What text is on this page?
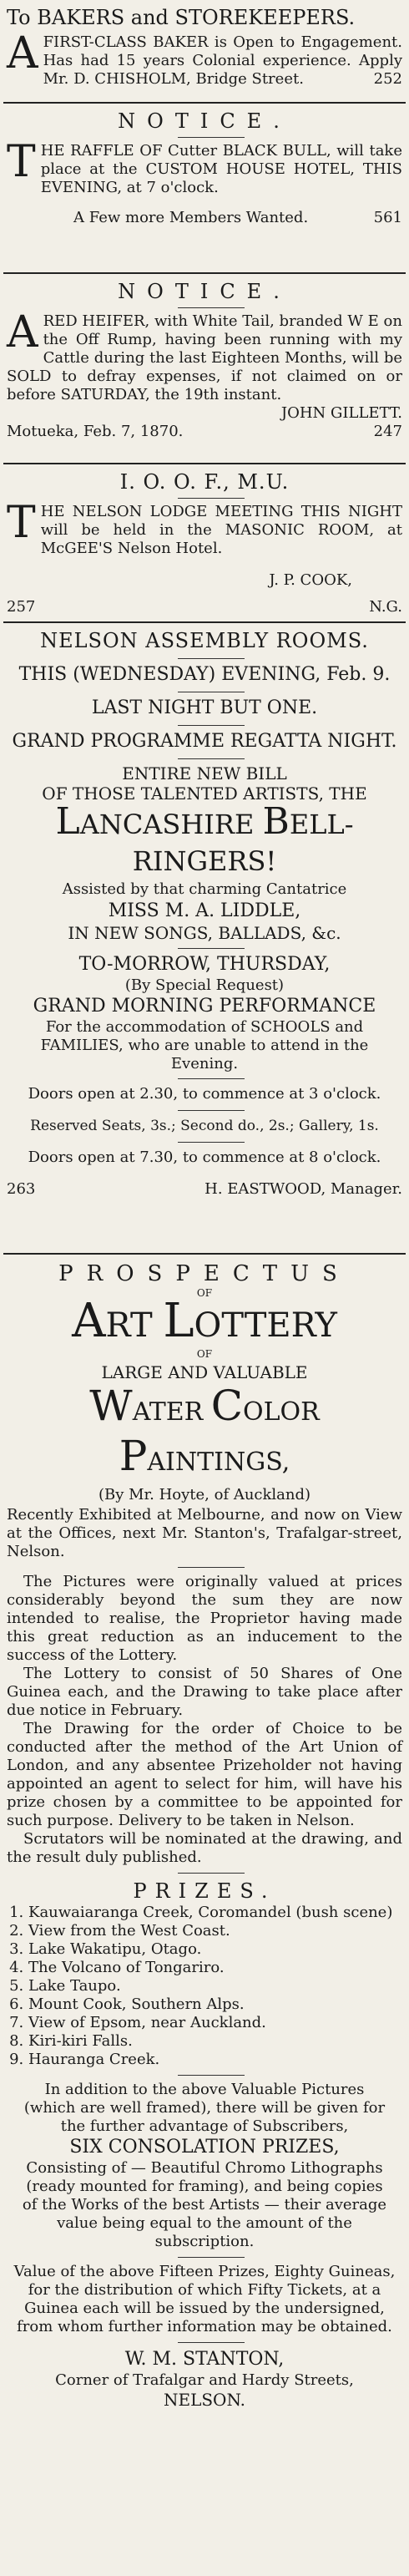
To BAKERS and STOREKEEPERS.
A FIRST-CLASS BAKER is Open to Engagement. Has had 15 years Colonial experience. Apply Mr. D. CHISHOLM, Bridge Street.	252
NOTICE.
T HE RAFFLE OF Cutter BLACK BULL, will take place at the CUSTOM HOUSE HOTEL, THIS EVENING, at 7 o'clock.
A Few more Members Wanted.	561
NOTICE.
A RED HEIFER, with White Tail, branded W E on the Off Rump, having been running with my Cattle during the last Eighteen Months, will be SOLD to defray expenses, if not claimed on or before SATURDAY, the 19th instant.
JOHN GILLETT.
Motueka, Feb. 7, 1870.	247
I. O. O. F., M.U.
T HE NELSON LODGE MEETING THIS NIGHT will be held in the MASONIC ROOM, at McGEE'S Nelson Hotel.
J. P. COOK,
257	N.G.
NELSON ASSEMBLY ROOMS.
THIS (WEDNESDAY) EVENING, Feb. 9.
LAST NIGHT BUT ONE.
GRAND PROGRAMME REGATTA NIGHT.
ENTIRE NEW BILL
OF THOSE TALENTED ARTISTS, THE
LANCASHIRE BELL-RINGERS!
Assisted by that charming Cantatrice
MISS M. A. LIDDLE,
IN NEW SONGS, BALLADS, &c.
TO-MORROW, THURSDAY,
(By Special Request)
GRAND MORNING PERFORMANCE
For the accommodation of SCHOOLS and FAMILIES, who are unable to attend in the Evening.
Doors open at 2.30, to commence at 3 o'clock.
Reserved Seats, 3s.; Second do., 2s.; Gallery, 1s.
Doors open at 7.30, to commence at 8 o'clock.
263	H. EASTWOOD, Manager.
PROSPECTUS
OF
ART LOTTERY
OF
LARGE AND VALUABLE
WATER COLOR PAINTINGS,
(By Mr. Hoyte, of Auckland)
Recently Exhibited at Melbourne, and now on View at the Offices, next Mr. Stanton's, Trafalgar-street, Nelson.
The Pictures were originally valued at prices considerably beyond the sum they are now intended to realise, the Proprietor having made this great reduction as an inducement to the success of the Lottery.
The Lottery to consist of 50 Shares of One Guinea each, and the Drawing to take place after due notice in February.
The Drawing for the order of Choice to be conducted after the method of the Art Union of London, and any absentee Prizeholder not having appointed an agent to select for him, will have his prize chosen by a committee to be appointed for such purpose. Delivery to be taken in Nelson.
Scrutators will be nominated at the drawing, and the result duly published.
PRIZES.
1. Kauwaiaranga Creek, Coromandel (bush scene)
2. View from the West Coast.
3. Lake Wakatipu, Otago.
4. The Volcano of Tongariro.
5. Lake Taupo.
6. Mount Cook, Southern Alps.
7. View of Epsom, near Auckland.
8. Kiri-kiri Falls.
9. Hauranga Creek.
In addition to the above Valuable Pictures (which are well framed), there will be given for the further advantage of Subscribers,
SIX CONSOLATION PRIZES,
Consisting of — Beautiful Chromo Lithographs (ready mounted for framing), and being copies of the Works of the best Artists — their average value being equal to the amount of the subscription.
Value of the above Fifteen Prizes, Eighty Guineas, for the distribution of which Fifty Tickets, at a Guinea each will be issued by the undersigned, from whom further information may be obtained.
W. M. STANTON,
Corner of Trafalgar and Hardy Streets,
NELSON.
